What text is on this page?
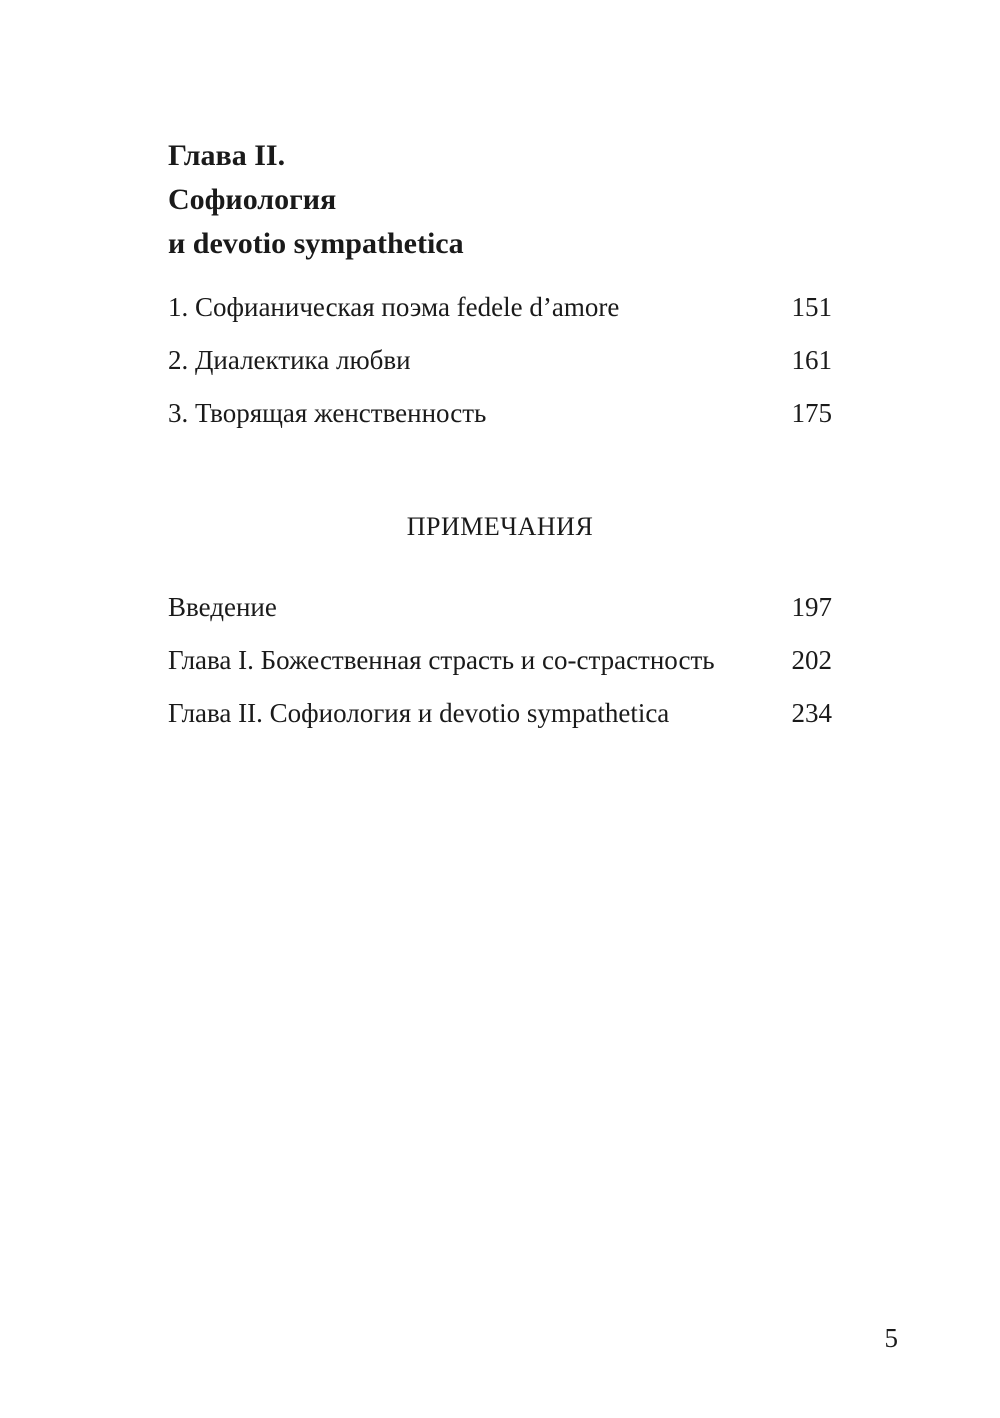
Глава II.
Софиология
и devotio sympathetica
1. Софианическая поэма fedele d’amore	151
2. Диалектика любви	161
3. Творящая женственность	175
ПРИМЕЧАНИЯ
Введение	197
Глава I. Божественная страсть и со-страстность	202
Глава II. Софиология и devotio sympathetica	234
5
